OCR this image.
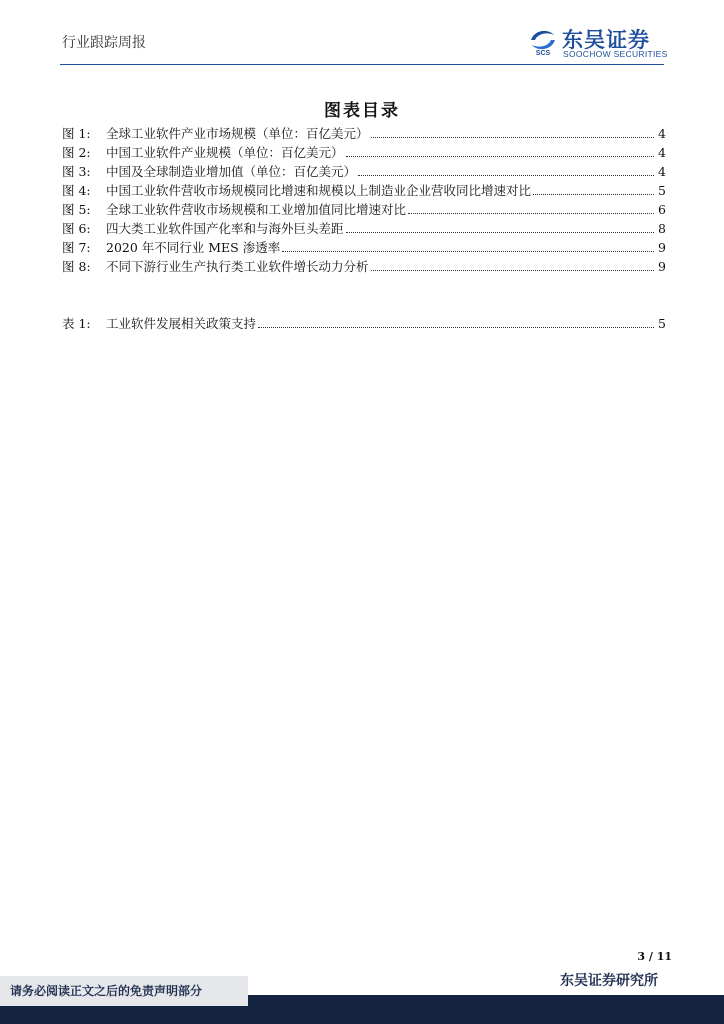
行业跟踪周报
SCS
东吴证券
SOOCHOW SECURITIES
图表目录
图 1:	全球工业软件产业市场规模（单位：百亿美元）	4
图 2:	中国工业软件产业规模（单位：百亿美元）	4
图 3:	中国及全球制造业增加值（单位：百亿美元）	4
图 4:	中国工业软件营收市场规模同比增速和规模以上制造业企业营收同比增速对比	5
图 5:	全球工业软件营收市场规模和工业增加值同比增速对比	6
图 6:	四大类工业软件国产化率和与海外巨头差距	8
图 7:	2020 年不同行业 MES 渗透率	9
图 8:	不同下游行业生产执行类工业软件增长动力分析	9
表 1:	工业软件发展相关政策支持	5
3 / 11
东吴证券研究所
请务必阅读正文之后的免责声明部分
